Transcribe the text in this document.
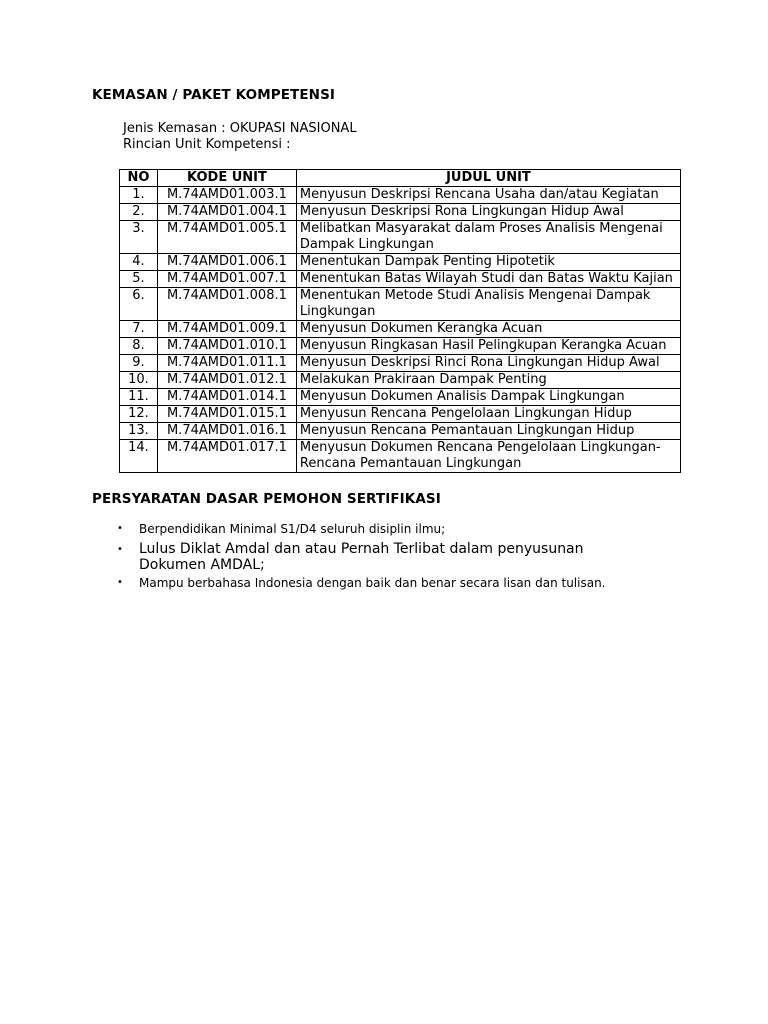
KEMASAN / PAKET KOMPETENSI
Jenis Kemasan : OKUPASI NASIONAL
Rincian Unit Kompetensi :
NO	KODE UNIT	JUDUL UNIT
1.	M.74AMD01.003.1	Menyusun Deskripsi Rencana Usaha dan/atau Kegiatan
2.	M.74AMD01.004.1	Menyusun Deskripsi Rona Lingkungan Hidup Awal
3.	M.74AMD01.005.1	Melibatkan Masyarakat dalam Proses Analisis Mengenai Dampak Lingkungan
4.	M.74AMD01.006.1	Menentukan Dampak Penting Hipotetik
5.	M.74AMD01.007.1	Menentukan Batas Wilayah Studi dan Batas Waktu Kajian
6.	M.74AMD01.008.1	Menentukan Metode Studi Analisis Mengenai Dampak Lingkungan
7.	M.74AMD01.009.1	Menyusun Dokumen Kerangka Acuan
8.	M.74AMD01.010.1	Menyusun Ringkasan Hasil Pelingkupan Kerangka Acuan
9.	M.74AMD01.011.1	Menyusun Deskripsi Rinci Rona Lingkungan Hidup Awal
10.	M.74AMD01.012.1	Melakukan Prakiraan Dampak Penting
11.	M.74AMD01.014.1	Menyusun Dokumen Analisis Dampak Lingkungan
12.	M.74AMD01.015.1	Menyusun Rencana Pengelolaan Lingkungan Hidup
13.	M.74AMD01.016.1	Menyusun Rencana Pemantauan Lingkungan Hidup
14.	M.74AMD01.017.1	Menyusun Dokumen Rencana Pengelolaan Lingkungan-Rencana Pemantauan Lingkungan
PERSYARATAN DASAR PEMOHON SERTIFIKASI
• Berpendidikan Minimal S1/D4 seluruh disiplin ilmu;
• Lulus Diklat Amdal dan atau Pernah Terlibat dalam penyusunan Dokumen AMDAL;
• Mampu berbahasa Indonesia dengan baik dan benar secara lisan dan tulisan.
